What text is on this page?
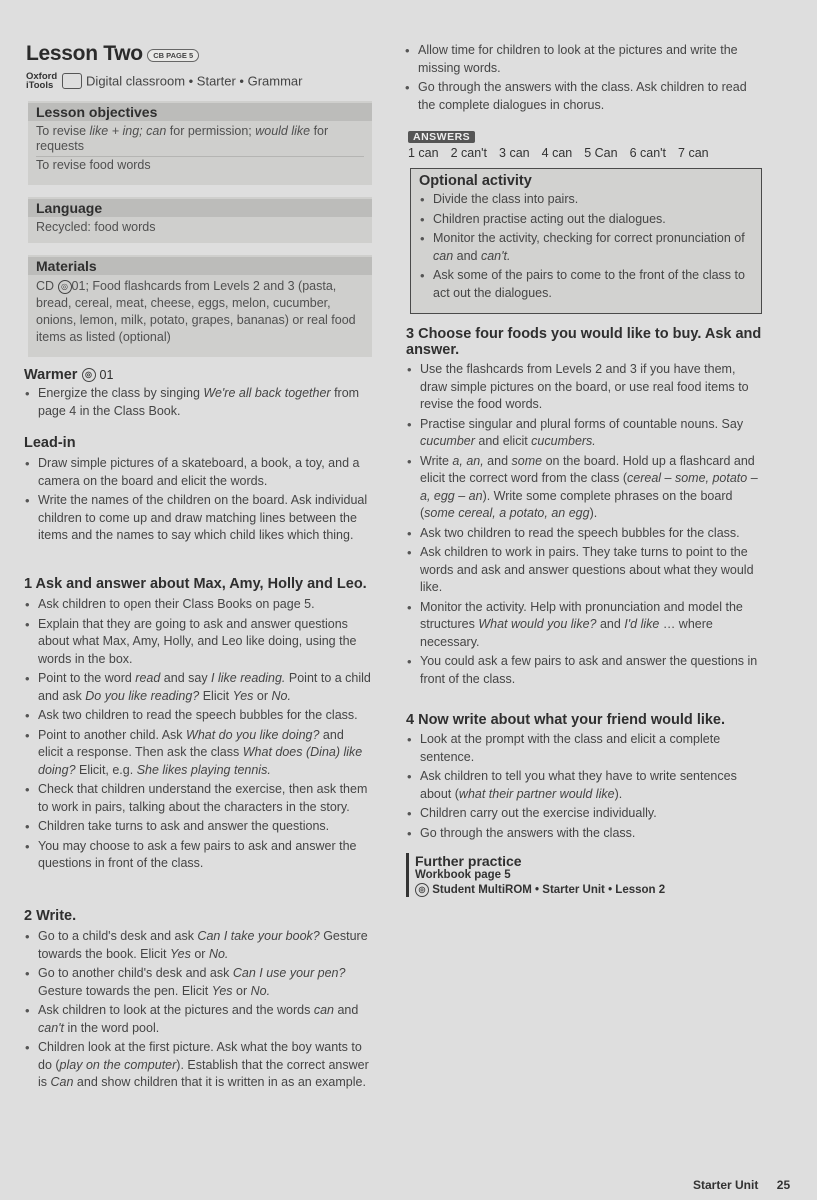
Lesson Two CB PAGE 5
Oxford
iTools	Digital classroom • Starter • Grammar
Lesson objectives
To revise like + ing; can for permission; would like for requests
To revise food words
Language
Recycled: food words
Materials
CD ◎ 01; Food flashcards from Levels 2 and 3 (pasta, bread, cereal, meat, cheese, eggs, melon, cucumber, onions, lemon, milk, potato, grapes, bananas) or real food items as listed (optional)
Warmer ◎ 01
• Energize the class by singing We're all back together from page 4 in the Class Book.
Lead-in
• Draw simple pictures of a skateboard, a book, a toy, and a camera on the board and elicit the words.
• Write the names of the children on the board. Ask individual children to come up and draw matching lines between the items and the names to say which child likes which thing.
1 Ask and answer about Max, Amy, Holly and Leo.
• Ask children to open their Class Books on page 5.
• Explain that they are going to ask and answer questions about what Max, Amy, Holly, and Leo like doing, using the words in the box.
• Point to the word read and say I like reading. Point to a child and ask Do you like reading? Elicit Yes or No.
• Ask two children to read the speech bubbles for the class.
• Point to another child. Ask What do you like doing? and elicit a response. Then ask the class What does (Dina) like doing? Elicit, e.g. She likes playing tennis.
• Check that children understand the exercise, then ask them to work in pairs, talking about the characters in the story.
• Children take turns to ask and answer the questions.
• You may choose to ask a few pairs to ask and answer the questions in front of the class.
2 Write.
• Go to a child's desk and ask Can I take your book? Gesture towards the book. Elicit Yes or No.
• Go to another child's desk and ask Can I use your pen? Gesture towards the pen. Elicit Yes or No.
• Ask children to look at the pictures and the words can and can't in the word pool.
• Children look at the first picture. Ask what the boy wants to do (play on the computer). Establish that the correct answer is Can and show children that it is written in as an example.
• Allow time for children to look at the pictures and write the missing words.
• Go through the answers with the class. Ask children to read the complete dialogues in chorus.
ANSWERS
1 can 2 can't 3 can 4 can 5 Can 6 can't 7 can
Optional activity
• Divide the class into pairs.
• Children practise acting out the dialogues.
• Monitor the activity, checking for correct pronunciation of can and can't.
• Ask some of the pairs to come to the front of the class to act out the dialogues.
3 Choose four foods you would like to buy. Ask and answer.
• Use the flashcards from Levels 2 and 3 if you have them, draw simple pictures on the board, or use real food items to revise the food words.
• Practise singular and plural forms of countable nouns. Say cucumber and elicit cucumbers.
• Write a, an, and some on the board. Hold up a flashcard and elicit the correct word from the class (cereal – some, potato – a, egg – an). Write some complete phrases on the board (some cereal, a potato, an egg).
• Ask two children to read the speech bubbles for the class.
• Ask children to work in pairs. They take turns to point to the words and ask and answer questions about what they would like.
• Monitor the activity. Help with pronunciation and model the structures What would you like? and I'd like … where necessary.
• You could ask a few pairs to ask and answer the questions in front of the class.
4 Now write about what your friend would like.
• Look at the prompt with the class and elicit a complete sentence.
• Ask children to tell you what they have to write sentences about (what their partner would like).
• Children carry out the exercise individually.
• Go through the answers with the class.
Further practice
Workbook page 5
◎ Student MultiROM • Starter Unit • Lesson 2
Starter Unit 25
